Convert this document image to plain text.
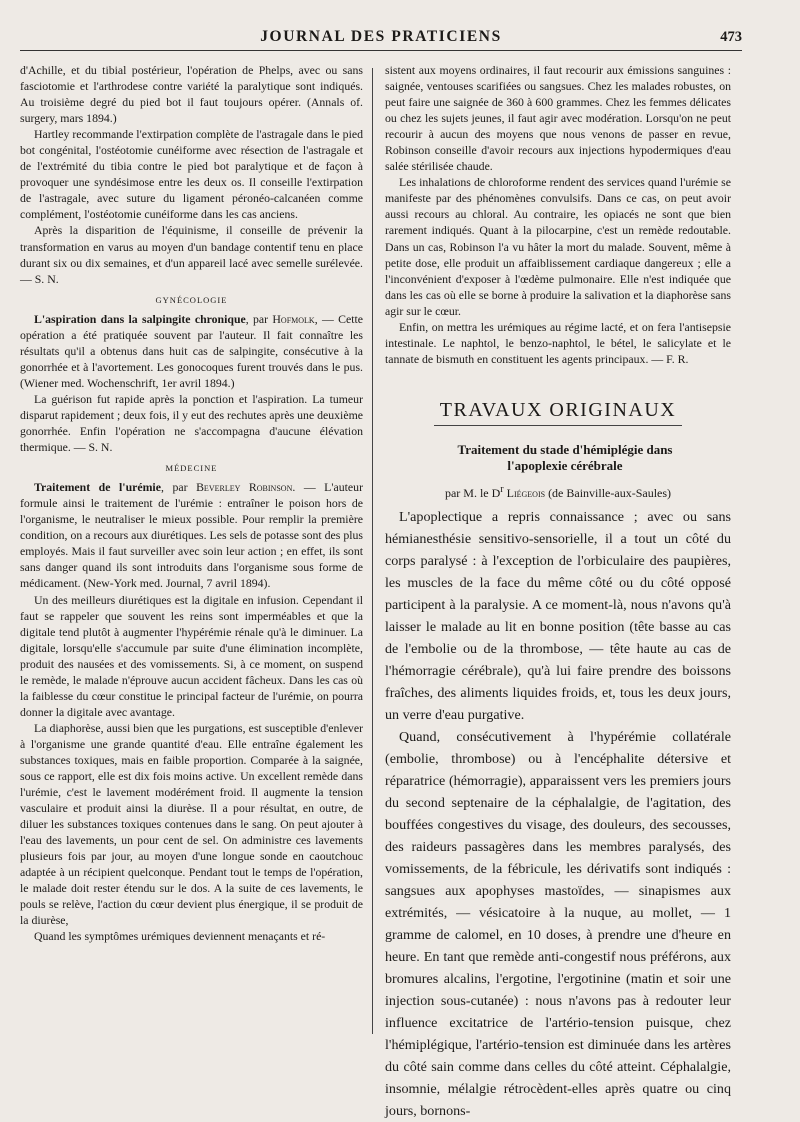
JOURNAL DES PRATICIENS	473

d'Achille, et du tibial postérieur, l'opération de Phelps, avec ou sans fasciotomie et l'arthrodese contre variété la paralytique sont indiqués. Au troisième degré du pied bot il faut toujours opérer. (Annals of. surgery, mars 1894.)

Hartley recommande l'extirpation complète de l'astragale dans le pied bot congénital, l'ostéotomie cunéiforme avec résection de l'astragale et de l'extrémité du tibia contre le pied bot paralytique et de façon à provoquer une syndésimose entre les deux os. Il conseille l'extirpation de l'astragale, avec suture du ligament péronéo-calcanéen comme complément, l'ostéotomie cunéiforme dans les cas anciens.

Après la disparition de l'équinisme, il conseille de prévenir la transformation en varus au moyen d'un bandage contentif tenu en place durant six ou dix semaines, et d'un appareil lacé avec semelle surélevée. — S. N.

GYNÉCOLOGIE

L'aspiration dans la salpingite chronique, par Hofmolk, — Cette opération a été pratiquée souvent par l'auteur. Il fait connaître les résultats qu'il a obtenus dans huit cas de salpingite, consécutive à la gonorrhée et à l'avortement. Les gonocoques furent trouvés dans le pus. (Wiener med. Wochenschrift, 1er avril 1894.)

La guérison fut rapide après la ponction et l'aspiration. La tumeur disparut rapidement ; deux fois, il y eut des rechutes après une deuxième gonorrhée. Enfin l'opération ne s'accompagna d'aucune élévation thermique. — S. N.

MÉDECINE

Traitement de l'urémie, par Beverley Robinson. — L'auteur formule ainsi le traitement de l'urémie : entraîner le poison hors de l'organisme, le neutraliser le mieux possible. Pour remplir la première condition, on a recours aux diurétiques. Les sels de potasse sont des plus employés. Mais il faut surveiller avec soin leur action ; en effet, ils sont sans danger quand ils sont introduits dans l'organisme sous forme de médicament. (New-York med. Journal, 7 avril 1894).

Un des meilleurs diurétiques est la digitale en infusion. Cependant il faut se rappeler que souvent les reins sont imperméables et que la digitale tend plutôt à augmenter l'hypérémie rénale qu'à le diminuer. La digitale, lorsqu'elle s'accumule par suite d'une élimination incomplète, produit des nausées et des vomissements. Si, à ce moment, on suspend le remède, le malade n'éprouve aucun accident fâcheux. Dans les cas où la faiblesse du cœur constitue le principal facteur de l'urémie, on pourra donner la digitale avec avantage.

La diaphorèse, aussi bien que les purgations, est susceptible d'enlever à l'organisme une grande quantité d'eau. Elle entraîne également les substances toxiques, mais en faible proportion. Comparée à la saignée, sous ce rapport, elle est dix fois moins active. Un excellent remède dans l'urémie, c'est le lavement modérément froid. Il augmente la tension vasculaire et produit ainsi la diurèse. Il a pour résultat, en outre, de diluer les substances toxiques contenues dans le sang. On peut ajouter à l'eau des lavements, un pour cent de sel. On administre ces lavements plusieurs fois par jour, au moyen d'une longue sonde en caoutchouc adaptée à un récipient quelconque. Pendant tout le temps de l'opération, le malade doit rester étendu sur le dos. A la suite de ces lavements, le pouls se relève, l'action du cœur devient plus énergique, il se produit de la diurèse,

Quand les symptômes urémiques deviennent menaçants et ré-

sistent aux moyens ordinaires, il faut recourir aux émissions sanguines : saignée, ventouses scarifiées ou sangsues. Chez les malades robustes, on peut faire une saignée de 360 à 600 grammes. Chez les femmes délicates ou chez les sujets jeunes, il faut agir avec modération. Lorsqu'on ne peut recourir à aucun des moyens que nous venons de passer en revue, Robinson conseille d'avoir recours aux injections hypodermiques d'eau salée stérilisée chaude.

Les inhalations de chloroforme rendent des services quand l'urémie se manifeste par des phénomènes convulsifs. Dans ce cas, on peut avoir aussi recours au chloral. Au contraire, les opiacés ne sont que bien rarement indiqués. Quant à la pilocarpine, c'est un remède redoutable. Dans un cas, Robinson l'a vu hâter la mort du malade. Souvent, même à petite dose, elle produit un affaiblissement cardiaque dangereux ; elle a l'inconvénient d'exposer à l'œdème pulmonaire. Elle n'est indiquée que dans les cas où elle se borne à produire la salivation et la diaphorèse sans agir sur le cœur.

Enfin, on mettra les urémiques au régime lacté, et on fera l'antisepsie intestinale. Le naphtol, le benzo-naphtol, le bétel, le salicylate et le tannate de bismuth en constituent les agents principaux. — F. R.

TRAVAUX ORIGINAUX

Traitement du stade d'hémiplégie dans

l'apoplexie cérébrale

par M. le $D^r$ Liégeois (de Bainville-aux-Saules)

L'apoplectique a repris connaissance ; avec ou sans hémianesthésie sensitivo-sensorielle, il a tout un côté du corps paralysé : à l'exception de l'orbiculaire des paupières, les muscles de la face du même côté ou du côté opposé participent à la paralysie. A ce moment-là, nous n'avons qu'à laisser le malade au lit en bonne position (tête basse au cas de l'embolie ou de la thrombose, — tête haute au cas de l'hémorragie cérébrale), qu'à lui faire prendre des boissons fraîches, des aliments liquides froids, et, tous les deux jours, un verre d'eau purgative.

Quand, consécutivement à l'hypérémie collatérale (embolie, thrombose) ou à l'encéphalite détersive et réparatrice (hémorragie), apparaissent vers les premiers jours du second septenaire de la céphalalgie, de l'agitation, des bouffées congestives du visage, des douleurs, des secousses, des raideurs passagères dans les membres paralysés, des vomissements, de la fébricule, les dérivatifs sont indiqués : sangsues aux apophyses mastoïdes, — sinapismes aux extrémités, — vésicatoire à la nuque, au mollet, — 1 gramme de calomel, en 10 doses, à prendre une d'heure en heure. En tant que remède anti-congestif nous préférons, aux bromures alcalins, l'ergotine, l'ergotinine (matin et soir une injection sous-cutanée) : nous n'avons pas à redouter leur influence excitatrice de l'artério-tension puisque, chez l'hémiplégique, l'artério-tension est diminuée dans les artères du côté sain comme dans celles du côté atteint. Céphalalgie, insomnie, mélalgie rétrocèdent-elles après quatre ou cinq jours, bornons-
